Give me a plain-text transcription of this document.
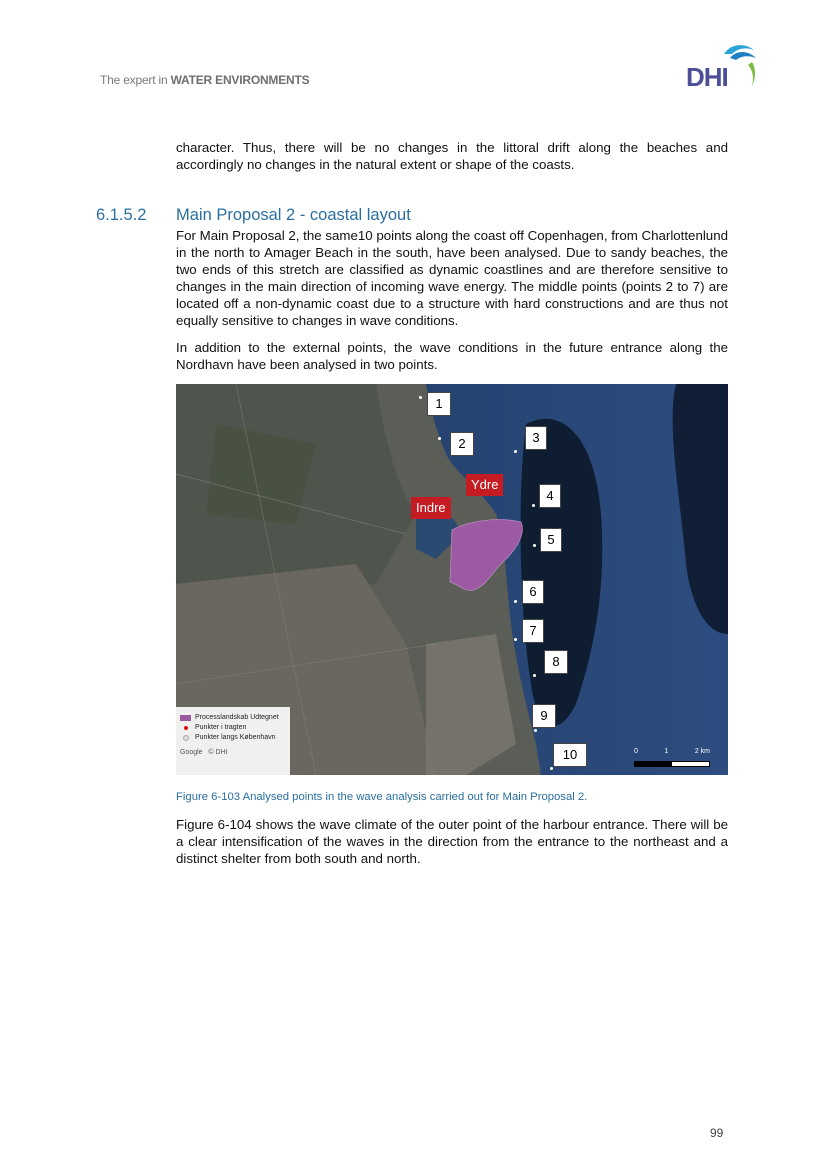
The expert in WATER ENVIRONMENTS	DHI

character. Thus, there will be no changes in the littoral drift along the beaches and accordingly no changes in the natural extent or shape of the coasts.

6.1.5.2 Main Proposal 2 - coastal layout

For Main Proposal 2, the same10 points along the coast off Copenhagen, from Charlottenlund in the north to Amager Beach in the south, have been analysed. Due to sandy beaches, the two ends of this stretch are classified as dynamic coastlines and are therefore sensitive to changes in the main direction of incoming wave energy. The middle points (points 2 to 7) are located off a non-dynamic coast due to a structure with hard constructions and are thus not equally sensitive to changes in wave conditions.

In addition to the external points, the wave conditions in the future entrance along the Nordhavn have been analysed in two points.

1
2	3
4
5
6
7
8
9
10
Ydre
Indre
Processlandskab Udtegnet
Punkter i tragten
Punkter langs København
Google © DHI	0	1	2 km
Figure 6-103 Analysed points in the wave analysis carried out for Main Proposal 2.

Figure 6-104 shows the wave climate of the outer point of the harbour entrance. There will be a clear intensification of the waves in the direction from the entrance to the northeast and a distinct shelter from both south and north.

99
